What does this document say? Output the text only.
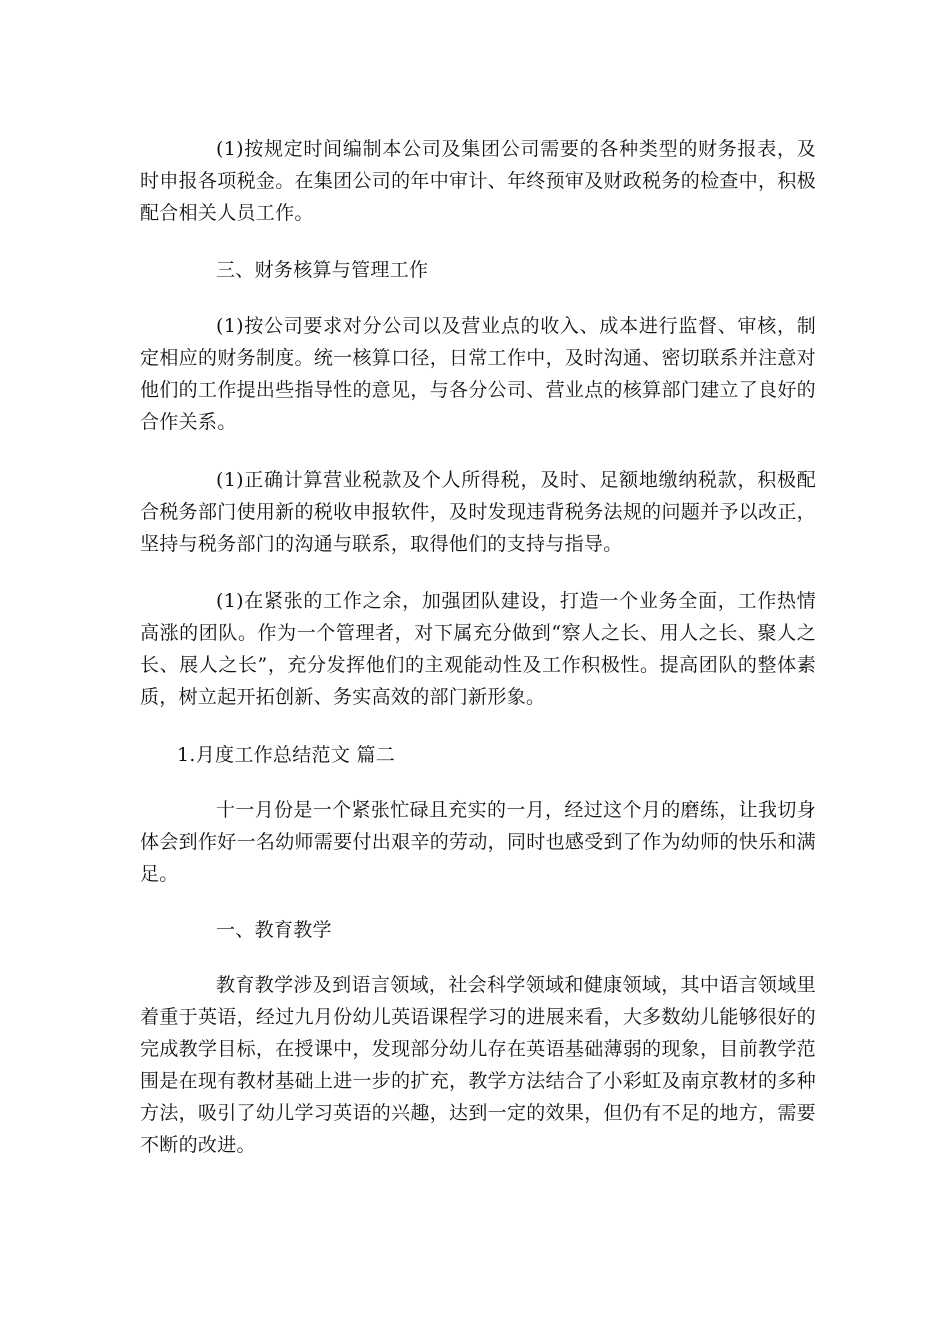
(1)按规定时间编制本公司及集团公司需要的各种类型的财务报表，及时申报各项税金。在集团公司的年中审计、年终预审及财政税务的检查中，积极配合相关人员工作。

三、财务核算与管理工作

(1)按公司要求对分公司以及营业点的收入、成本进行监督、审核，制定相应的财务制度。统一核算口径，日常工作中，及时沟通、密切联系并注意对他们的工作提出些指导性的意见，与各分公司、营业点的核算部门建立了良好的合作关系。

(1)正确计算营业税款及个人所得税，及时、足额地缴纳税款，积极配合税务部门使用新的税收申报软件，及时发现违背税务法规的问题并予以改正，坚持与税务部门的沟通与联系，取得他们的支持与指导。

(1)在紧张的工作之余，加强团队建设，打造一个业务全面，工作热情高涨的团队。作为一个管理者，对下属充分做到“察人之长、用人之长、聚人之长、展人之长”，充分发挥他们的主观能动性及工作积极性。提高团队的整体素质，树立起开拓创新、务实高效的部门新形象。

1.月度工作总结范文 篇二

十一月份是一个紧张忙碌且充实的一月，经过这个月的磨练，让我切身体会到作好一名幼师需要付出艰辛的劳动，同时也感受到了作为幼师的快乐和满足。

一、教育教学

教育教学涉及到语言领域，社会科学领域和健康领域，其中语言领域里着重于英语，经过九月份幼儿英语课程学习的进展来看，大多数幼儿能够很好的完成教学目标，在授课中，发现部分幼儿存在英语基础薄弱的现象，目前教学范围是在现有教材基础上进一步的扩充，教学方法结合了小彩虹及南京教材的多种方法，吸引了幼儿学习英语的兴趣，达到一定的效果，但仍有不足的地方，需要不断的改进。
